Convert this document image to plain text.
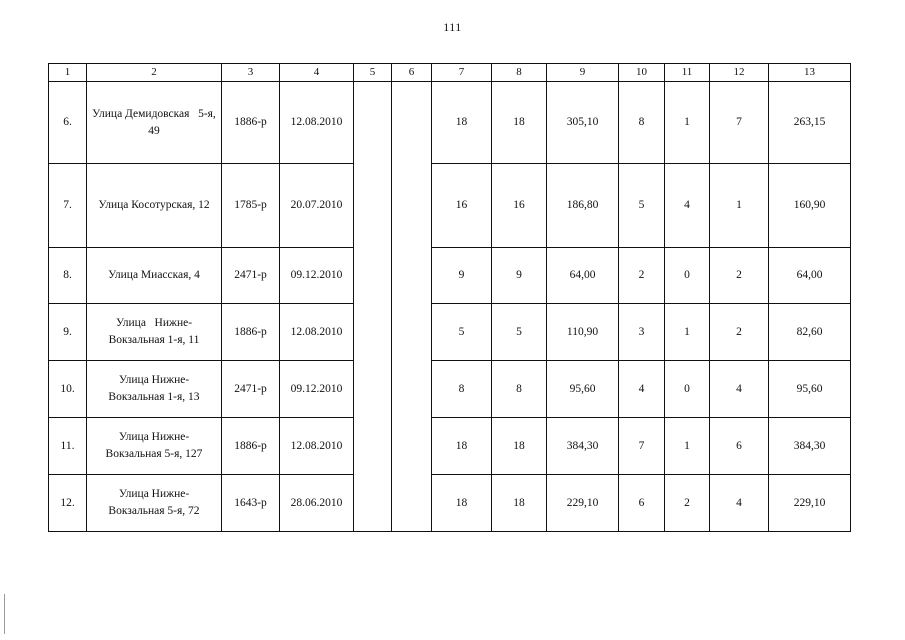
111
1	2	3	4	5	6	7	8	9	10	11	12	13
6.	Улица Демидовская   5-я,
49	1886-р	12.08.2010			18	18	305,10	8	1	7	263,15
7.	Улица Косотурская, 12	1785-р	20.07.2010			16	16	186,80	5	4	1	160,90
8.	Улица Миасская, 4	2471-р	09.12.2010			9	9	64,00	2	0	2	64,00
9.	Улица   Нижне-
Вокзальная 1-я, 11	1886-р	12.08.2010			5	5	110,90	3	1	2	82,60
10.	Улица Нижне-
Вокзальная 1-я, 13	2471-р	09.12.2010			8	8	95,60	4	0	4	95,60
11.	Улица Нижне-
Вокзальная 5-я, 127	1886-р	12.08.2010			18	18	384,30	7	1	6	384,30
12.	Улица Нижне-
Вокзальная 5-я, 72	1643-р	28.06.2010			18	18	229,10	6	2	4	229,10
